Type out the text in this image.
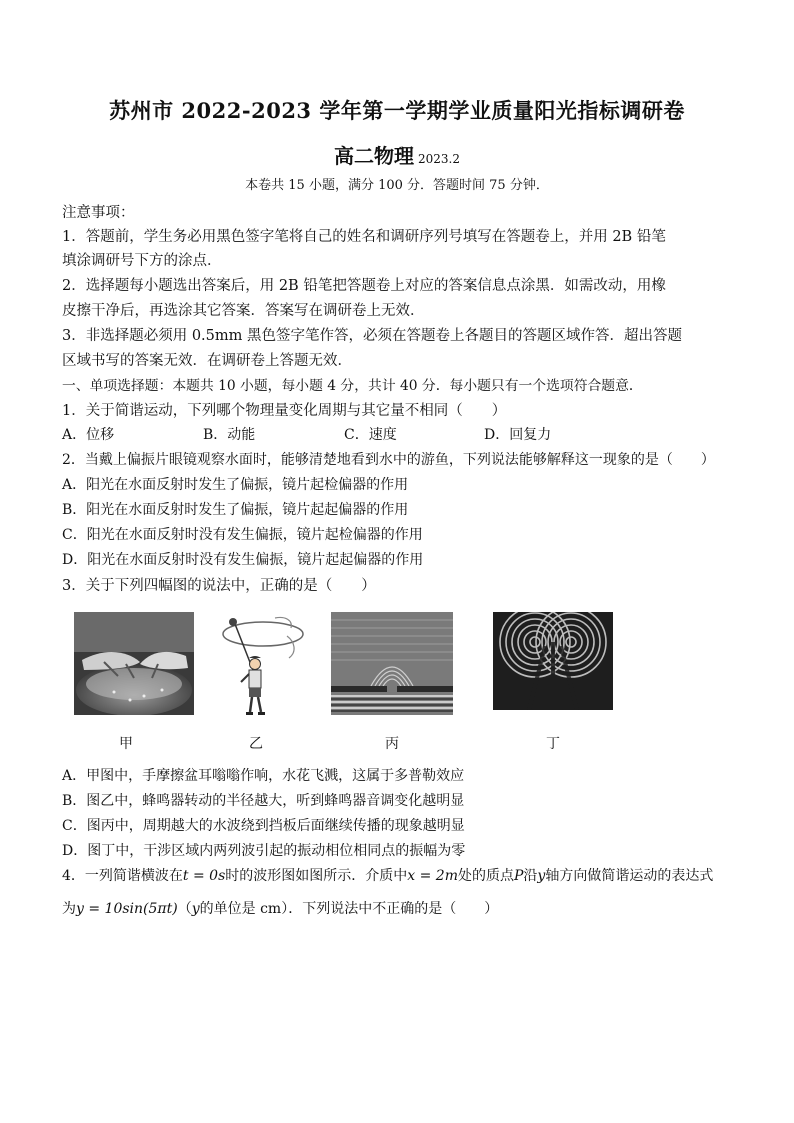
苏州市 2022-2023 学年第一学期学业质量阳光指标调研卷
高二物理 2023.2
本卷共 15 小题，满分 100 分．答题时间 75 分钟．
注意事项：
1．答题前，学生务必用黑色签字笔将自己的姓名和调研序列号填写在答题卷上，并用 2B 铅笔
填涂调研号下方的涂点．
2．选择题每小题选出答案后，用 2B 铅笔把答题卷上对应的答案信息点涂黑．如需改动，用橡
皮擦干净后，再选涂其它答案．答案写在调研卷上无效．
3．非选择题必须用 0.5mm 黑色签字笔作答，必须在答题卷上各题目的答题区域作答．超出答题
区域书写的答案无效．在调研卷上答题无效．
一、单项选择题：本题共 10 小题，每小题 4 分，共计 40 分．每小题只有一个选项符合题意．
1．关于简谐运动，下列哪个物理量变化周期与其它量不相同（　　）
A．位移	B．动能	C．速度	D．回复力
2．当戴上偏振片眼镜观察水面时，能够清楚地看到水中的游鱼，下列说法能够解释这一现象的是（　　）
A．阳光在水面反射时发生了偏振，镜片起检偏器的作用
B．阳光在水面反射时发生了偏振，镜片起起偏器的作用
C．阳光在水面反射时没有发生偏振，镜片起检偏器的作用
D．阳光在水面反射时没有发生偏振，镜片起起偏器的作用
3．关于下列四幅图的说法中，正确的是（　　）
甲	乙	丙	丁
A．甲图中，手摩擦盆耳嗡嗡作响，水花飞溅，这属于多普勒效应
B．图乙中，蜂鸣器转动的半径越大，听到蜂鸣器音调变化越明显
C．图丙中，周期越大的水波绕到挡板后面继续传播的现象越明显
D．图丁中，干涉区域内两列波引起的振动相位相同点的振幅为零
4．一列简谐横波在t = 0s时的波形图如图所示．介质中x = 2m处的质点P沿y轴方向做简谐运动的表达式
为y = 10sin(5πt)（y的单位是 cm）．下列说法中不正确的是（　　）
